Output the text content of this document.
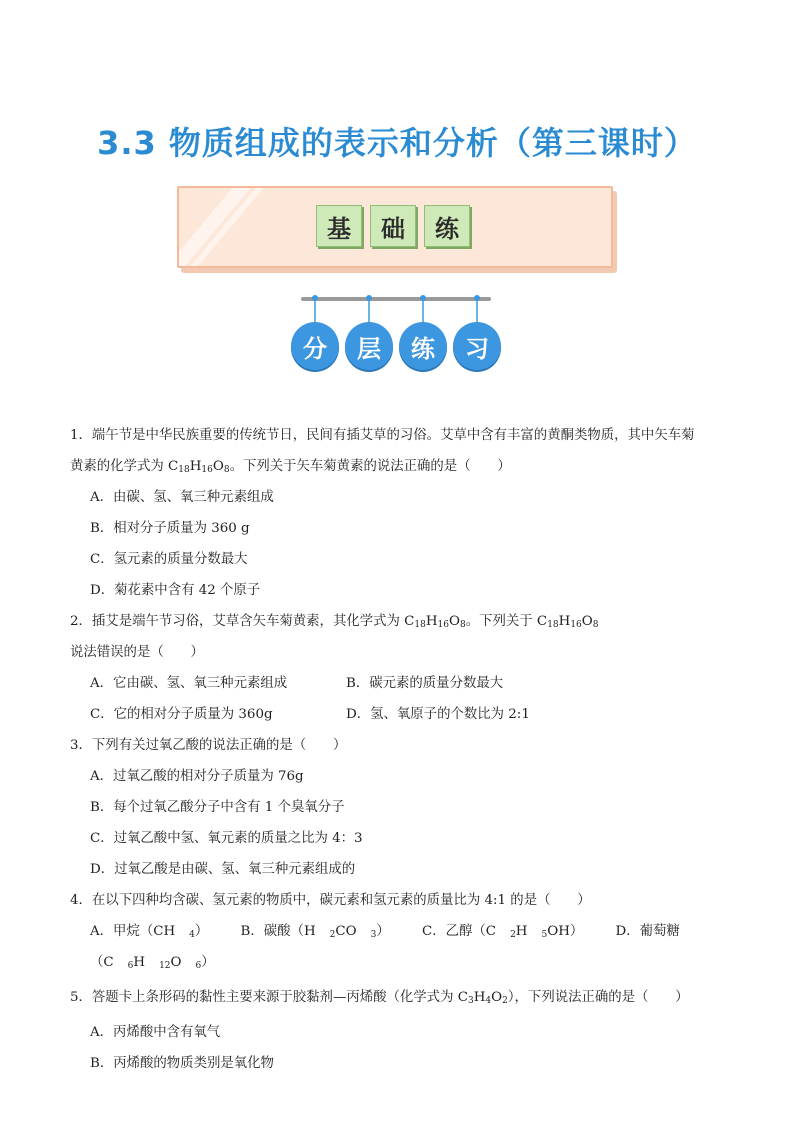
3.3 物质组成的表示和分析（第三课时）
基	础	练
分	层	练	习

1．端午节是中华民族重要的传统节日，民间有插艾草的习俗。艾草中含有丰富的黄酮类物质，其中矢车菊

黄素的化学式为 $C_{18}H_{16}O_8$。下列关于矢车菊黄素的说法正确的是（　　）

A．由碳、氢、氧三种元素组成

B．相对分子质量为 360 g

C．氢元素的质量分数最大

D．菊花素中含有 42 个原子

2．插艾是端午节习俗，艾草含矢车菊黄素，其化学式为 $C_{18}H_{16}O_8$。下列关于 $C_{18}H_{16}O_8$说法错误的是（　　）

A．它由碳、氢、氧三种元素组成	B．碳元素的质量分数最大
C．它的相对分子质量为 360g	D．氢、氧原子的个数比为 2:1

3．下列有关过氧乙酸的说法正确的是（　　）

A．过氧乙酸的相对分子质量为 76g

B．每个过氧乙酸分子中含有 1 个臭氧分子

C．过氧乙酸中氢、氧元素的质量之比为 4：3

D．过氧乙酸是由碳、氢、氧三种元素组成的

4．在以下四种均含碳、氢元素的物质中，碳元素和氢元素的质量比为 4:1 的是（　　）

A．甲烷（CH $_4$） B．碳酸（H $_2$CO $_3$） C．乙醇（C $_2$H $_5$OH） D．葡萄糖（C $_6$H $_{12}$O $_6$）

5．答题卡上条形码的黏性主要来源于胶黏剂—丙烯酸（化学式为 $C_3H_4O_2$），下列说法正确的是（　　）

A．丙烯酸中含有氧气

B．丙烯酸的物质类别是氧化物
